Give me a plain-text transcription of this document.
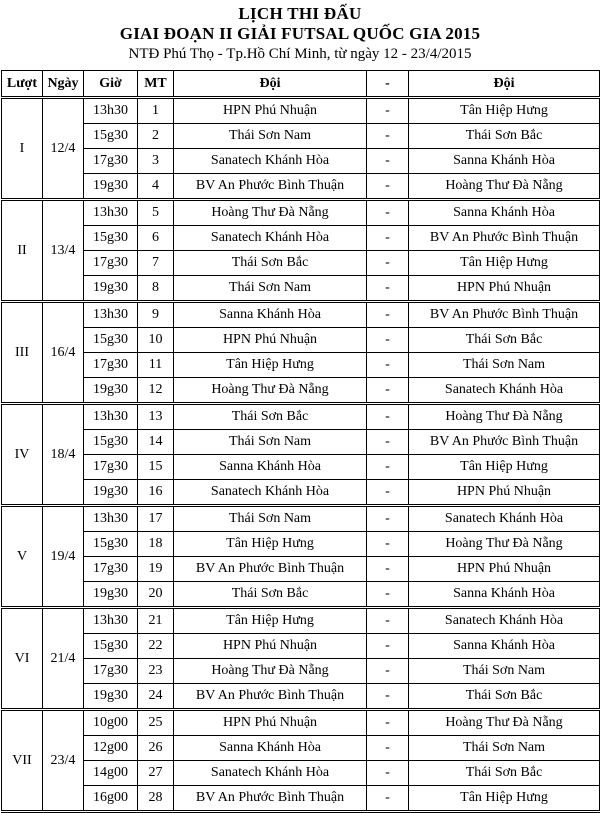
LỊCH THI ĐẤU
GIAI ĐOẠN II GIẢI FUTSAL QUỐC GIA 2015
NTĐ Phú Thọ - Tp.Hồ Chí Minh, từ ngày 12 - 23/4/2015
Lượt	Ngày	Giờ	MT	Đội	-	Đội
I	12/4	13h30	1	HPN Phú Nhuận	-	Tân Hiệp Hưng
		15g30	2	Thái Sơn Nam	-	Thái Sơn Bắc
		17g30	3	Sanatech Khánh Hòa	-	Sanna Khánh Hòa
		19g30	4	BV An Phước Bình Thuận	-	Hoàng Thư Đà Nẵng
II	13/4	13h30	5	Hoàng Thư Đà Nẵng	-	Sanna Khánh Hòa
		15g30	6	Sanatech Khánh Hòa	-	BV An Phước Bình Thuận
		17g30	7	Thái Sơn Bắc	-	Tân Hiệp Hưng
		19g30	8	Thái Sơn Nam	-	HPN Phú Nhuận
III	16/4	13h30	9	Sanna Khánh Hòa	-	BV An Phước Bình Thuận
		15g30	10	HPN Phú Nhuận	-	Thái Sơn Bắc
		17g30	11	Tân Hiệp Hưng	-	Thái Sơn Nam
		19g30	12	Hoàng Thư Đà Nẵng	-	Sanatech Khánh Hòa
IV	18/4	13h30	13	Thái Sơn Bắc	-	Hoàng Thư Đà Nẵng
		15g30	14	Thái Sơn Nam	-	BV An Phước Bình Thuận
		17g30	15	Sanna Khánh Hòa	-	Tân Hiệp Hưng
		19g30	16	Sanatech Khánh Hòa	-	HPN Phú Nhuận
V	19/4	13h30	17	Thái Sơn Nam	-	Sanatech Khánh Hòa
		15g30	18	Tân Hiệp Hưng	-	Hoàng Thư Đà Nẵng
		17g30	19	BV An Phước Bình Thuận	-	HPN Phú Nhuận
		19g30	20	Thái Sơn Bắc	-	Sanna Khánh Hòa
VI	21/4	13h30	21	Tân Hiệp Hưng	-	Sanatech Khánh Hòa
		15g30	22	HPN Phú Nhuận	-	Sanna Khánh Hòa
		17g30	23	Hoàng Thư Đà Nẵng	-	Thái Sơn Nam
		19g30	24	BV An Phước Bình Thuận	-	Thái Sơn Bắc
VII	23/4	10g00	25	HPN Phú Nhuận	-	Hoàng Thư Đà Nẵng
		12g00	26	Sanna Khánh Hòa	-	Thái Sơn Nam
		14g00	27	Sanatech Khánh Hòa	-	Thái Sơn Bắc
		16g00	28	BV An Phước Bình Thuận	-	Tân Hiệp Hưng
